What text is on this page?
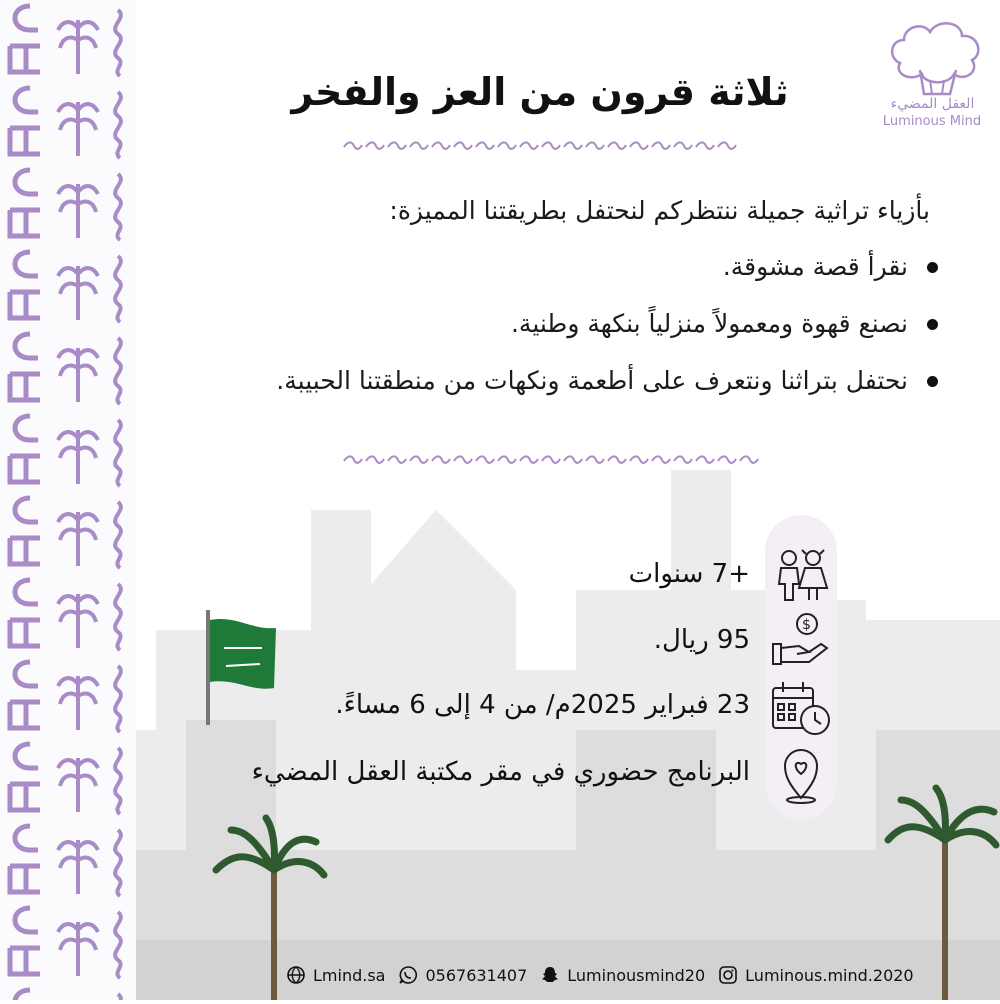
العقل المضيء
Luminous Mind
ثلاثة قرون من العز والفخر
بأزياء تراثية جميلة ننتظركم لنحتفل بطريقتنا المميزة:
نقرأ قصة مشوقة.
نصنع قهوة ومعمولاً منزلياً بنكهة وطنية.
نحتفل بتراثنا ونتعرف على أطعمة ونكهات من منطقتنا الحبيبة.
$
+7 سنوات
95 ريال.
23 فبراير 2025م/ من 4 إلى 6 مساءً.
البرنامج حضوري في مقر مكتبة العقل المضيء
Lmind.sa	0567631407	Luminousmind20	Luminous.mind.2020
